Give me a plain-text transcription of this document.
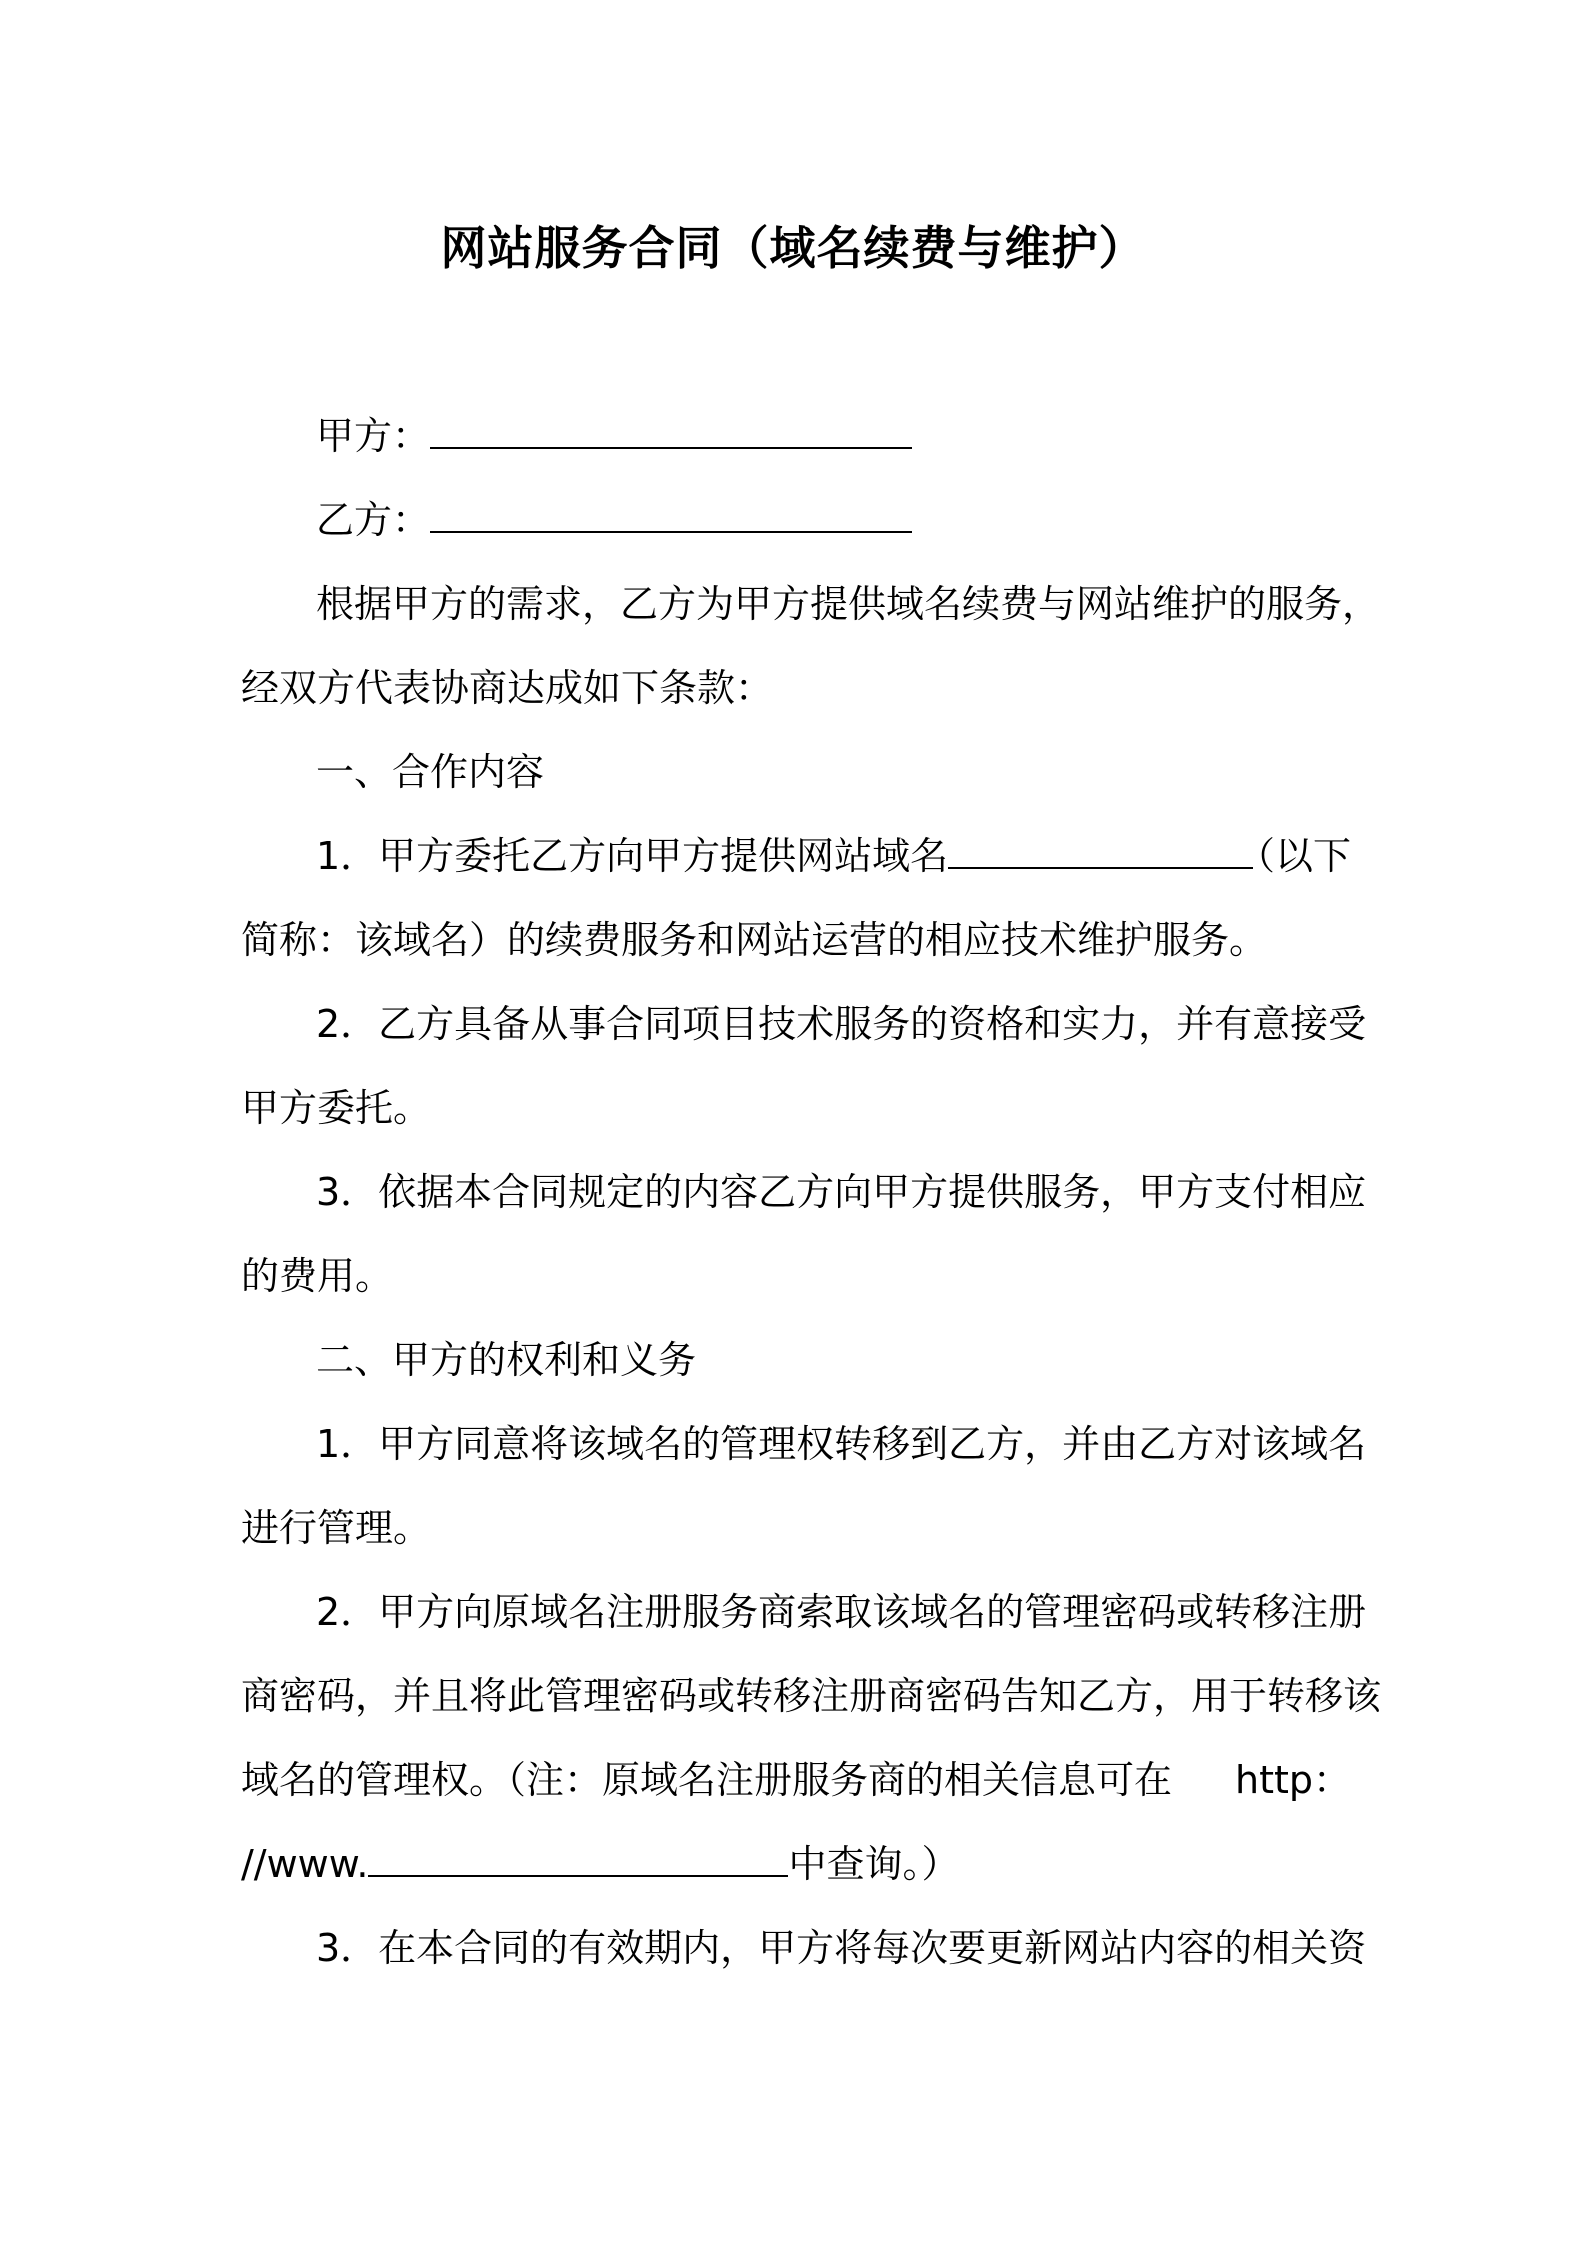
网站服务合同（域名续费与维护）
甲方：
乙方：
根据甲方的需求，乙方为甲方提供域名续费与网站维护的服务，
经双方代表协商达成如下条款：
一、合作内容
1．甲方委托乙方向甲方提供网站域名	（以下
简称：该域名）的续费服务和网站运营的相应技术维护服务。
2．乙方具备从事合同项目技术服务的资格和实力，并有意接受
甲方委托。
3．依据本合同规定的内容乙方向甲方提供服务，甲方支付相应
的费用。
二、甲方的权利和义务
1．甲方同意将该域名的管理权转移到乙方，并由乙方对该域名
进行管理。
2．甲方向原域名注册服务商索取该域名的管理密码或转移注册
商密码，并且将此管理密码或转移注册商密码告知乙方，用于转移该
域名的管理权。（注：原域名注册服务商的相关信息可在 http：
//www.	中查询。）
3．在本合同的有效期内，甲方将每次要更新网站内容的相关资
